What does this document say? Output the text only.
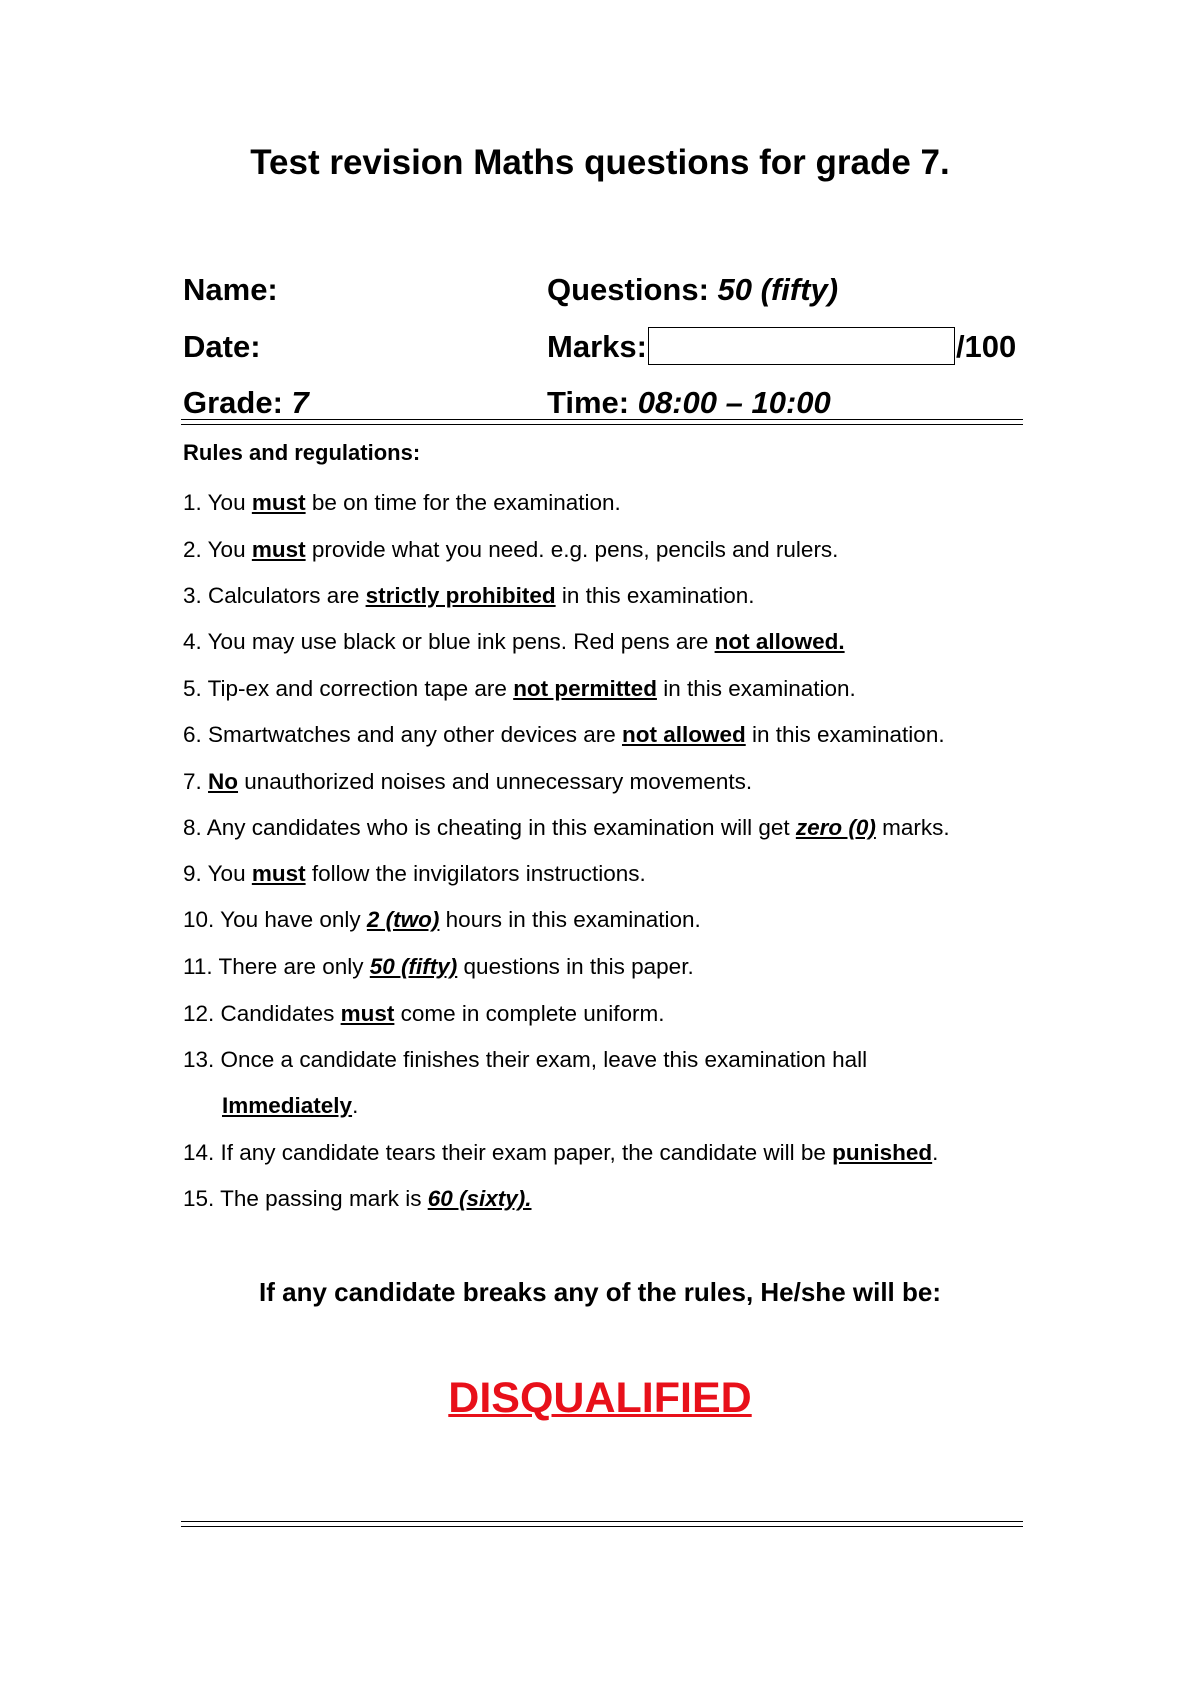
Test revision Maths questions for grade 7.
Name:	Questions: 50 (fifty)
Date:	Marks:	/100
Grade: 7	Time: 08:00 – 10:00
Rules and regulations:
1. You must be on time for the examination.
2. You must provide what you need. e.g. pens, pencils and rulers.
3. Calculators are strictly prohibited in this examination.
4. You may use black or blue ink pens. Red pens are not allowed.
5. Tip-ex and correction tape are not permitted in this examination.
6. Smartwatches and any other devices are not allowed in this examination.
7. No unauthorized noises and unnecessary movements.
8. Any candidates who is cheating in this examination will get zero (0) marks.
9. You must follow the invigilators instructions.
10. You have only 2 (two) hours in this examination.
11. There are only 50 (fifty) questions in this paper.
12. Candidates must come in complete uniform.
13. Once a candidate finishes their exam, leave this examination hall
Immediately.
14. If any candidate tears their exam paper, the candidate will be punished.
15. The passing mark is 60 (sixty).
If any candidate breaks any of the rules, He/she will be:
DISQUALIFIED
